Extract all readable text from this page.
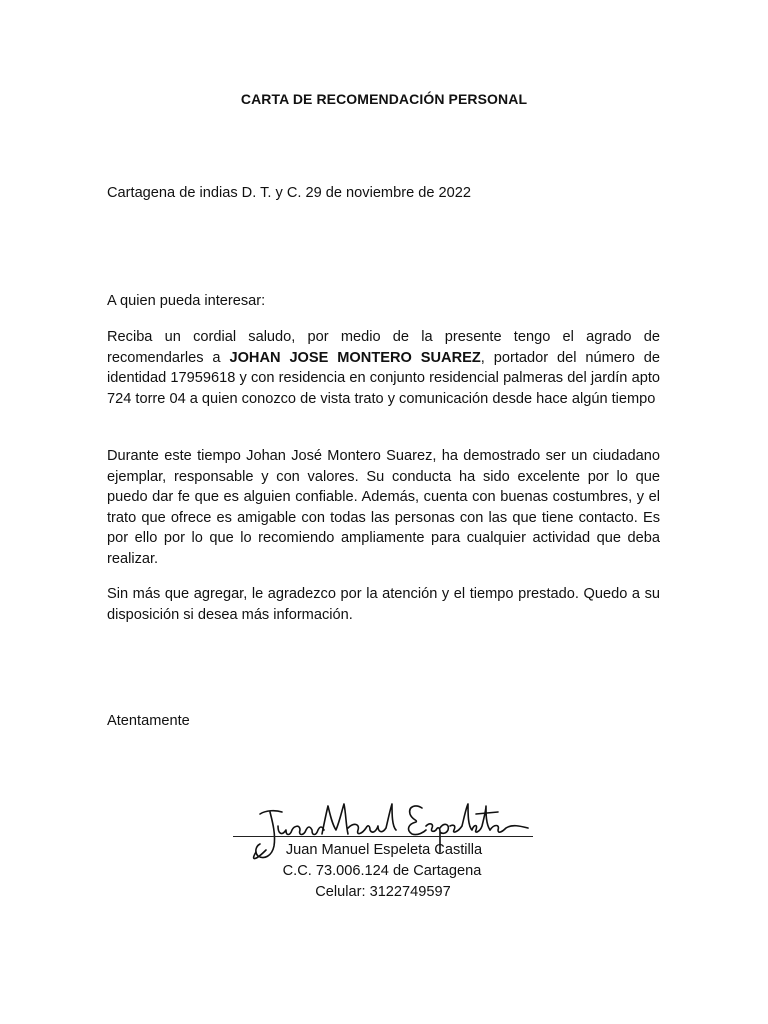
CARTA DE RECOMENDACIÓN PERSONAL
Cartagena de indias D. T. y C. 29 de noviembre de 2022
A quien pueda interesar:

Reciba un cordial saludo, por medio de la presente tengo el agrado de recomendarles a JOHAN JOSE MONTERO SUAREZ, portador del número de identidad 17959618 y con residencia en conjunto residencial palmeras del jardín apto 724 torre 04 a quien conozco de vista trato y comunicación desde hace algún tiempo

Durante este tiempo Johan José Montero Suarez, ha demostrado ser un ciudadano ejemplar, responsable y con valores. Su conducta ha sido excelente por lo que puedo dar fe que es alguien confiable. Además, cuenta con buenas costumbres, y el trato que ofrece es amigable con todas las personas con las que tiene contacto. Es por ello por lo que lo recomiendo ampliamente para cualquier actividad que deba realizar.

Sin más que agregar, le agradezco por la atención y el tiempo prestado. Quedo a su disposición si desea más información.

Atentamente
Juan Manuel Espeleta Castilla
C.C. 73.006.124 de Cartagena
Celular: 3122749597
